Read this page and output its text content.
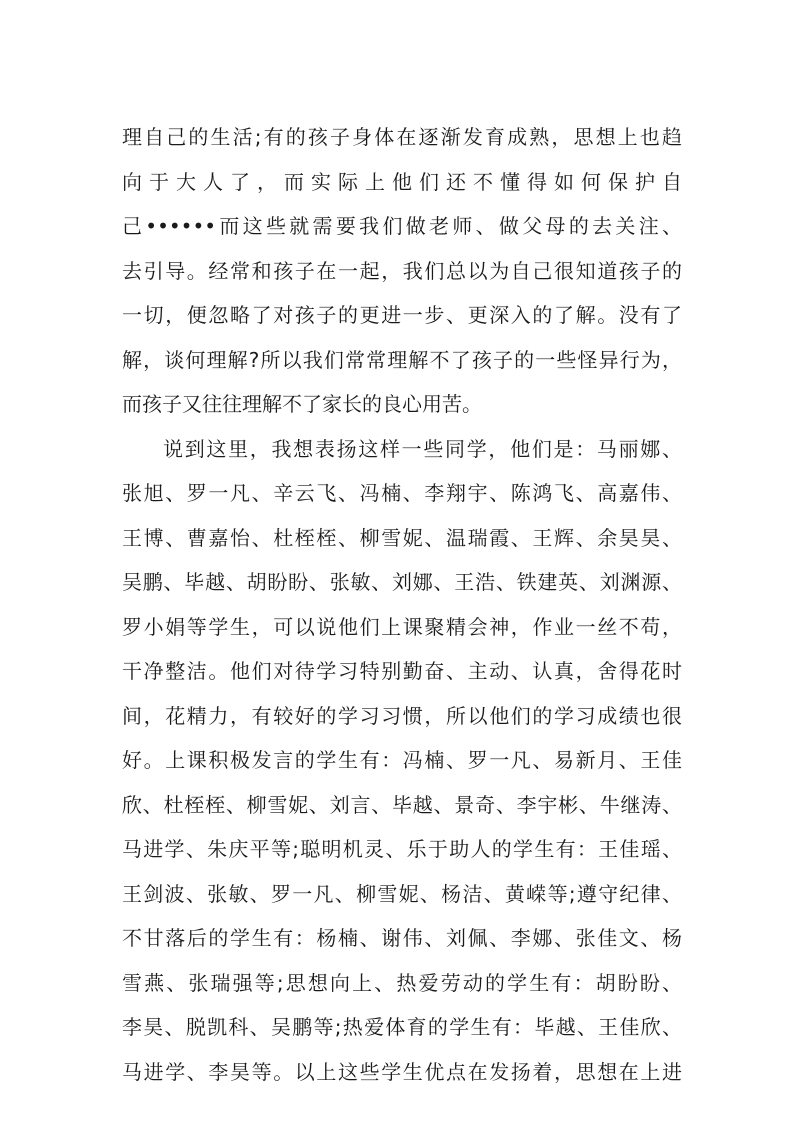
理自己的生活;有的孩子身体在逐渐发育成熟，思想上也趋
向于大人了，而实际上他们还不懂得如何保护自
己••••••而这些就需要我们做老师、做父母的去关注、
去引导。经常和孩子在一起，我们总以为自己很知道孩子的
一切，便忽略了对孩子的更进一步、更深入的了解。没有了
解，谈何理解?所以我们常常理解不了孩子的一些怪异行为，
而孩子又往往理解不了家长的良心用苦。
说到这里，我想表扬这样一些同学，他们是：马丽娜、
张旭、罗一凡、辛云飞、冯楠、李翔宇、陈鸿飞、高嘉伟、
王博、曹嘉怡、杜桎桎、柳雪妮、温瑞霞、王辉、余昊昊、
吴鹏、毕越、胡盼盼、张敏、刘娜、王浩、铁建英、刘渊源、
罗小娟等学生，可以说他们上课聚精会神，作业一丝不苟，
干净整洁。他们对待学习特别勤奋、主动、认真，舍得花时
间，花精力，有较好的学习习惯，所以他们的学习成绩也很
好。上课积极发言的学生有：冯楠、罗一凡、易新月、王佳
欣、杜桎桎、柳雪妮、刘言、毕越、景奇、李宇彬、牛继涛、
马进学、朱庆平等;聪明机灵、乐于助人的学生有：王佳瑶、
王剑波、张敏、罗一凡、柳雪妮、杨洁、黄嵘等;遵守纪律、
不甘落后的学生有：杨楠、谢伟、刘佩、李娜、张佳文、杨
雪燕、张瑞强等;思想向上、热爱劳动的学生有：胡盼盼、
李昊、脱凯科、吴鹏等;热爱体育的学生有：毕越、王佳欣、
马进学、李昊等。以上这些学生优点在发扬着，思想在上进
